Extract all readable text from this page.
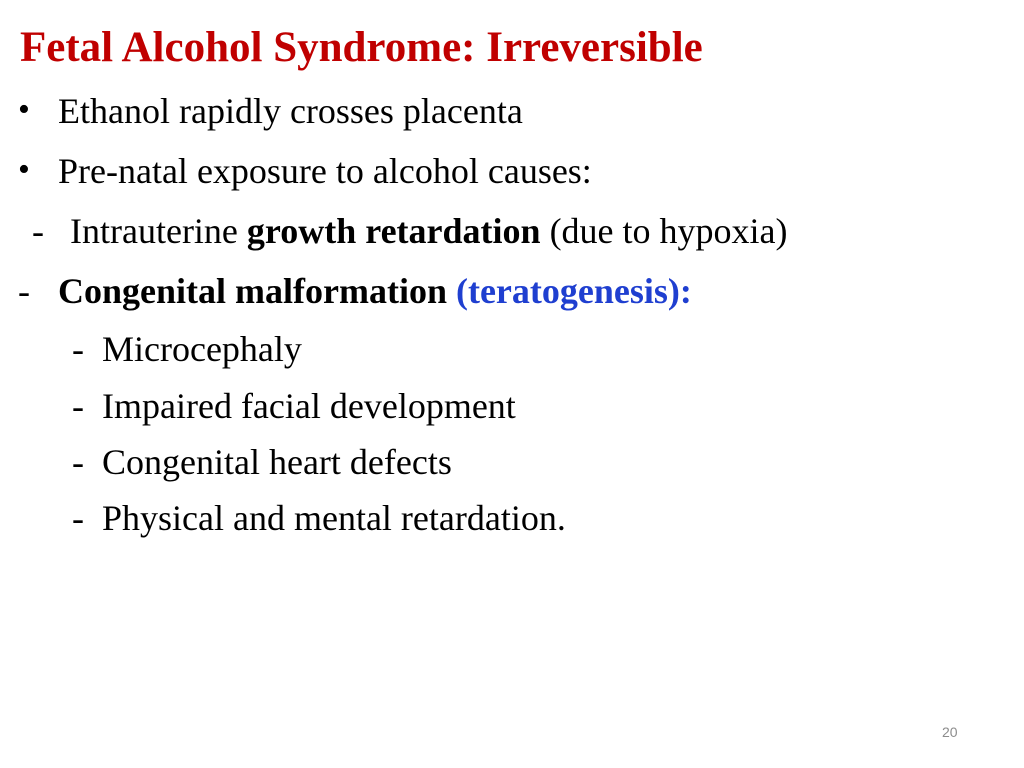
Fetal Alcohol Syndrome: Irreversible
• Ethanol rapidly crosses placenta
• Pre-natal exposure to alcohol causes:
- Intrauterine growth retardation (due to hypoxia)
- Congenital malformation (teratogenesis):
- Microcephaly
- Impaired facial development
- Congenital heart defects
- Physical and mental retardation.
20
